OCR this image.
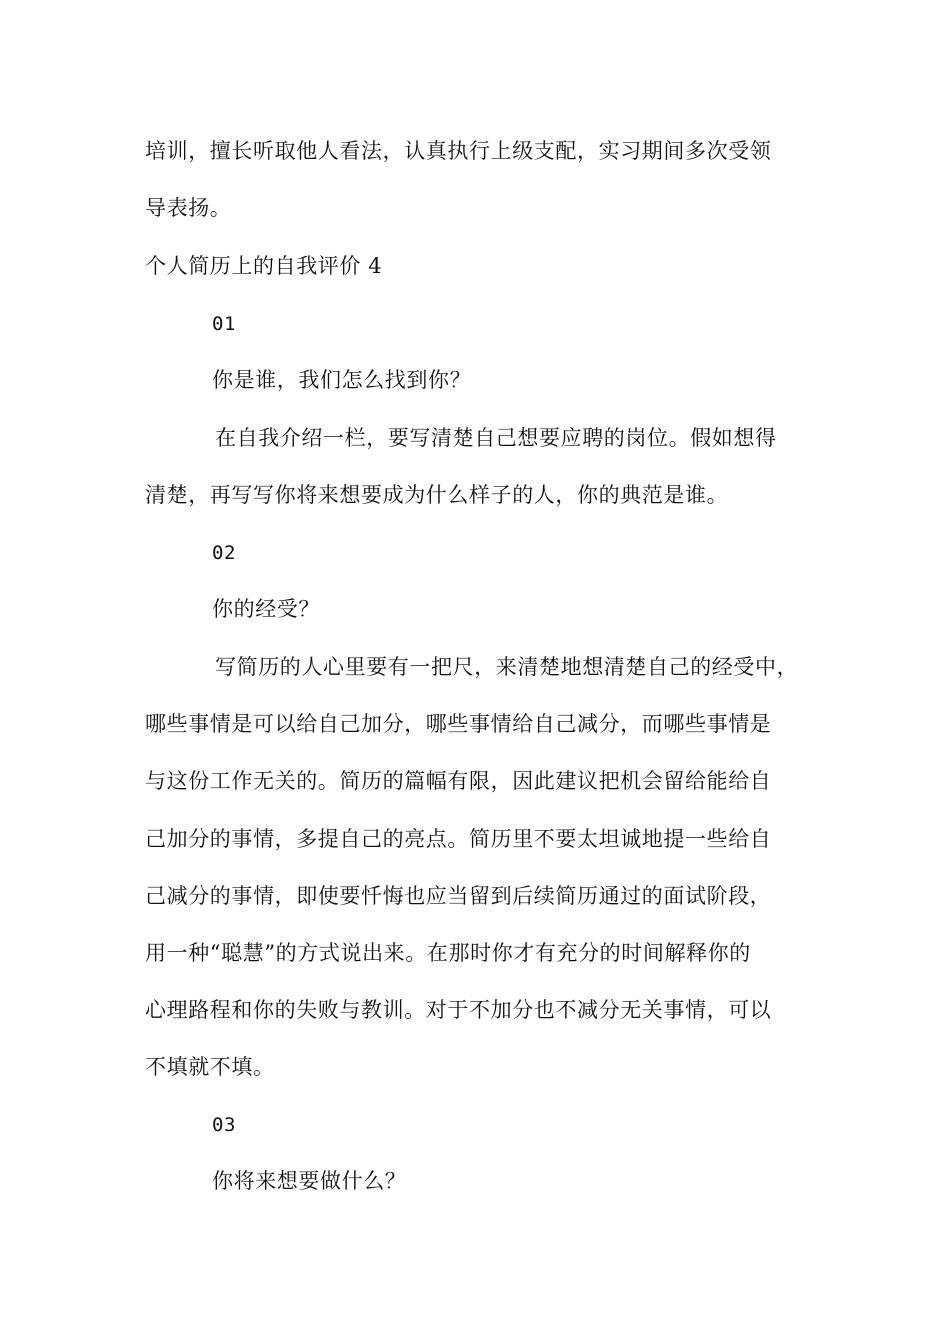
培训，擅长听取他人看法，认真执行上级支配，实习期间多次受领
导表扬。
个人简历上的自我评价 4
01
你是谁，我们怎么找到你？
在自我介绍一栏，要写清楚自己想要应聘的岗位。假如想得
清楚，再写写你将来想要成为什么样子的人，你的典范是谁。
02
你的经受？
写简历的人心里要有一把尺，来清楚地想清楚自己的经受中，
哪些事情是可以给自己加分，哪些事情给自己减分，而哪些事情是
与这份工作无关的。简历的篇幅有限，因此建议把机会留给能给自
己加分的事情，多提自己的亮点。简历里不要太坦诚地提一些给自
己减分的事情，即使要忏悔也应当留到后续简历通过的面试阶段，
用一种“聪慧”的方式说出来。在那时你才有充分的时间解释你的
心理路程和你的失败与教训。对于不加分也不减分无关事情，可以
不填就不填。
03
你将来想要做什么？
